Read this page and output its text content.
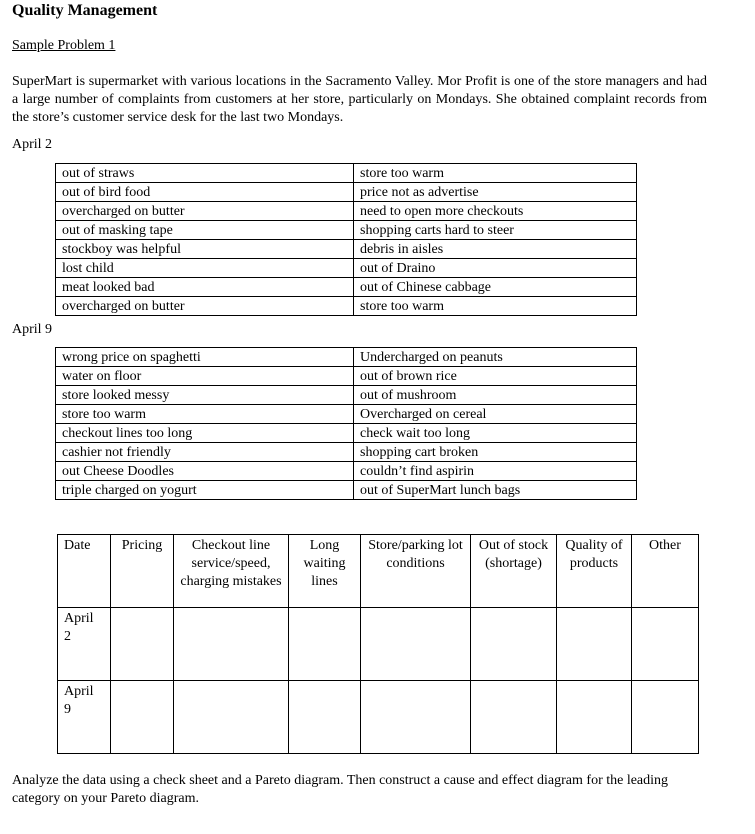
Quality Management
Sample Problem 1
SuperMart is supermarket with various locations in the Sacramento Valley. Mor Profit is one of the store managers and had a large number of complaints from customers at her store, particularly on Mondays. She obtained complaint records from the store’s customer service desk for the last two Mondays.
April 2
out of straws	store too warm
out of bird food	price not as advertise
overcharged on butter	need to open more checkouts
out of masking tape	shopping carts hard to steer
stockboy was helpful	debris in aisles
lost child	out of Draino
meat looked bad	out of Chinese cabbage
overcharged on butter	store too warm
April 9
wrong price on spaghetti	Undercharged on peanuts
water on floor	out of brown rice
store looked messy	out of mushroom
store too warm	Overcharged on cereal
checkout lines too long	check wait too long
cashier not friendly	shopping cart broken
out Cheese Doodles	couldn’t find aspirin
triple charged on yogurt	out of SuperMart lunch bags
Date	Pricing	Checkout line service/speed, charging mistakes	Long waiting lines	Store/parking lot conditions	Out of stock (shortage)	Quality of products	Other
April 2							
April 9							
Analyze the data using a check sheet and a Pareto diagram. Then construct a cause and effect diagram for the leading category on your Pareto diagram.
